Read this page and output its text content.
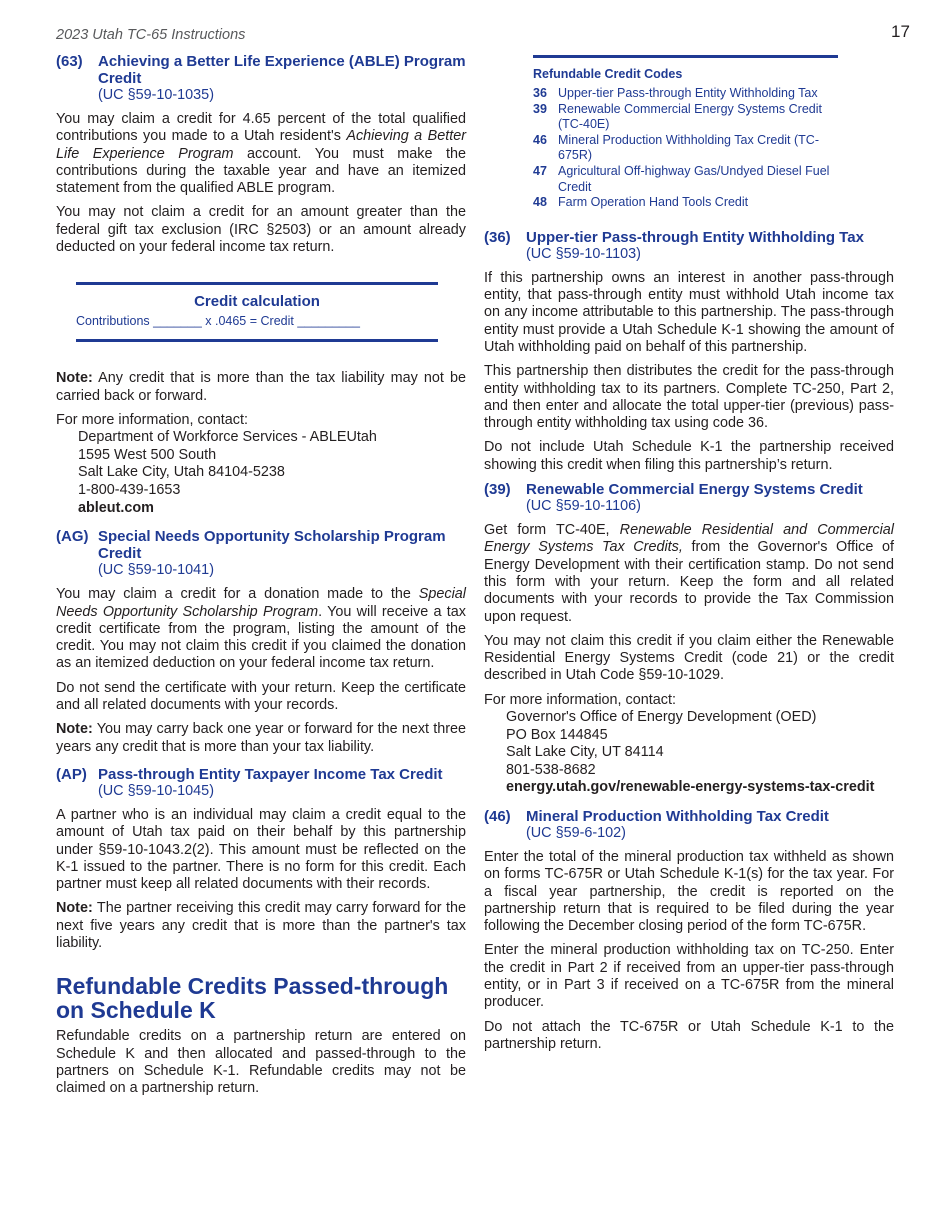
2023 Utah TC-65 Instructions	17
(63)	Achieving a Better Life Experience (ABLE) Program Credit
(UC §59-10-1035)

You may claim a credit for 4.65 percent of the total qualified contributions you made to a Utah resident's Achieving a Better Life Experience Program account. You must make the contributions during the taxable year and have an itemized statement from the qualified ABLE program.

You may not claim a credit for an amount greater than the federal gift tax exclusion (IRC §2503) or an amount already deducted on your federal income tax return.

Credit calculation
Contributions _______ x .0465 = Credit _________

Note: Any credit that is more than the tax liability may not be carried back or forward.

For more information, contact:
Department of Workforce Services - ABLEUtah
1595 West 500 South
Salt Lake City, Utah 84104-5238
1-800-439-1653
ableut.com
(AG) Special Needs Opportunity Scholarship Program Credit
(UC §59-10-1041)

You may claim a credit for a donation made to the Special Needs Opportunity Scholarship Program. You will receive a tax credit certificate from the program, listing the amount of the credit. You may not claim this credit if you claimed the donation as an itemized deduction on your federal income tax return.

Do not send the certificate with your return. Keep the certificate and all related documents with your records.

Note: You may carry back one year or forward for the next three years any credit that is more than your tax liability.

(AP) Pass-through Entity Taxpayer Income Tax Credit
(UC §59-10-1045)

A partner who is an individual may claim a credit equal to the amount of Utah tax paid on their behalf by this partnership under §59-10-1043.2(2). This amount must be reflected on the K-1 issued to the partner. There is no form for this credit. Each partner must keep all related documents with their records.

Note: The partner receiving this credit may carry forward for the next five years any credit that is more than the partner's tax liability.

Refundable Credits Passed-through on Schedule K

Refundable credits on a partnership return are entered on Schedule K and then allocated and passed-through to the partners on Schedule K-1. Refundable credits may not be claimed on a partnership return.

Refundable Credit Codes
36 Upper-tier Pass-through Entity Withholding Tax
39 Renewable Commercial Energy Systems Credit (TC-40E)
46 Mineral Production Withholding Tax Credit (TC-675R)
47 Agricultural Off-highway Gas/Undyed Diesel Fuel Credit
48 Farm Operation Hand Tools Credit
(36)	Upper-tier Pass-through Entity Withholding Tax
(UC §59-10-1103)

If this partnership owns an interest in another pass-through entity, that pass-through entity must withhold Utah income tax on any income attributable to this partnership. The pass-through entity must provide a Utah Schedule K-1 showing the amount of Utah withholding paid on behalf of this partnership.

This partnership then distributes the credit for the pass-through entity withholding tax to its partners. Complete TC-250, Part 2, and then enter and allocate the total upper-tier (previous) pass-through entity withholding tax using code 36.

Do not include Utah Schedule K-1 the partnership received showing this credit when filing this partnership’s return.

(39)	Renewable Commercial Energy Systems Credit
(UC §59-10-1106)

Get form TC-40E, Renewable Residential and Commercial Energy Systems Tax Credits, from the Governor's Office of Energy Development with their certification stamp. Do not send this form with your return. Keep the form and all related documents with your records to provide the Tax Commission upon request.

You may not claim this credit if you claim either the Renewable Residential Energy Systems Credit (code 21) or the credit described in Utah Code §59-10-1029.

For more information, contact:
Governor's Office of Energy Development (OED)
PO Box 144845
Salt Lake City, UT 84114
801-538-8682
energy.utah.gov/renewable-energy-systems-tax-credit
(46)	Mineral Production Withholding Tax Credit
(UC §59-6-102)

Enter the total of the mineral production tax withheld as shown on forms TC-675R or Utah Schedule K-1(s) for the tax year. For a fiscal year partnership, the credit is reported on the partnership return that is required to be filed during the year following the December closing period of the form TC-675R.

Enter the mineral production withholding tax on TC-250. Enter the credit in Part 2 if received from an upper-tier pass-through entity, or in Part 3 if received on a TC-675R from the mineral producer.

Do not attach the TC-675R or Utah Schedule K-1 to the partnership return.
